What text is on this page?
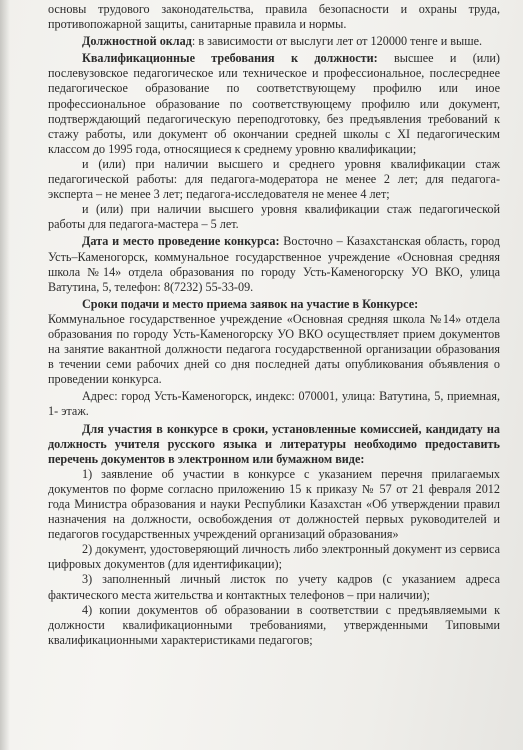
основы трудового законодательства, правила безопасности и охраны труда, противопожарной защиты, санитарные правила и нормы.

Должностной оклад: в зависимости от выслуги лет от 120000 тенге и выше.

Квалификационные требования к должности: высшее и (или) послевузовское педагогическое или техническое и профессиональное, послесреднее педагогическое образование по соответствующему профилю или иное профессиональное образование по соответствующему профилю или документ, подтверждающий педагогическую переподготовку, без предъявления требований к стажу работы, или документ об окончании средней школы с XI педагогическим классом до 1995 года, относящиеся к среднему уровню квалификации;

и (или) при наличии высшего и среднего уровня квалификации стаж педагогической работы: для педагога-модератора не менее 2 лет; для педагога-эксперта – не менее 3 лет; педагога-исследователя не менее 4 лет;

и (или) при наличии высшего уровня квалификации стаж педагогической работы для педагога-мастера – 5 лет.

Дата и место проведение конкурса: Восточно – Казахстанская область, город Усть–Каменогорск, коммунальное государственное учреждение «Основная средняя школа №14» отдела образования по городу Усть-Каменогорску УО ВКО, улица Ватутина, 5, телефон: 8(7232) 55-33-09.

Сроки подачи и место приема заявок на участие в Конкурсе:

Коммунальное государственное учреждение «Основная средняя школа №14» отдела образования по городу Усть-Каменогорску УО ВКО осуществляет прием документов на занятие вакантной должности педагога государственной организации образования в течении семи рабочих дней со дня последней даты опубликования объявления о проведении конкурса.

Адрес: город Усть-Каменогорск, индекс: 070001, улица: Ватутина, 5, приемная, 1- этаж.

Для участия в конкурсе в сроки, установленные комиссией, кандидату на должность учителя русского языка и литературы необходимо предоставить перечень документов в электронном или бумажном виде:

1) заявление об участии в конкурсе с указанием перечня прилагаемых документов по форме согласно приложению 15 к приказу № 57 от 21 февраля 2012 года Министра образования и науки Республики Казахстан «Об утверждении правил назначения на должности, освобождения от должностей первых руководителей и педагогов государственных учреждений организаций образования»

2) документ, удостоверяющий личность либо электронный документ из сервиса цифровых документов (для идентификации);

3) заполненный личный листок по учету кадров (с указанием адреса фактического места жительства и контактных телефонов – при наличии);

4) копии документов об образовании в соответствии с предъявляемыми к должности квалификационными требованиями, утвержденными Типовыми квалификационными характеристиками педагогов;
